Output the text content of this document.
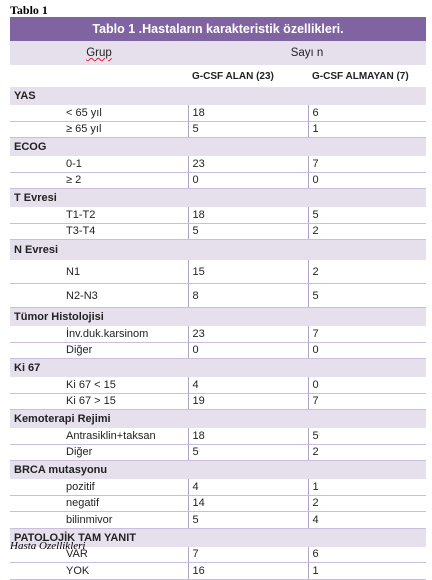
Tablo 1
Tablo 1 .Hastaların karakteristik özellikleri.
Grup	Sayı n	
	G-CSF ALAN (23)	G-CSF ALMAYAN (7)
YAS		
< 65 yıl	18	6
≥ 65 yıl	5	1
ECOG		
0-1	23	7
≥ 2	0	0
T Evresi		
T1-T2	18	5
T3-T4	5	2
N Evresi		
N1	15	2
N2-N3	8	5
Tümor Histolojisi		
İnv.duk.karsinom	23	7
Diğer	0	0
Ki 67		
Ki 67 < 15	4	0
Ki 67 > 15	19	7
Kemoterapi Rejimi		
Antrasiklin+taksan	18	5
Diğer	5	2
BRCA mutasyonu		
pozitif	4	1
negatif	14	2
bilinmivor	5	4
PATOLOJİK TAM YANIT		
VAR	7	6
YOK	16	1
Hasta Özellikleri
